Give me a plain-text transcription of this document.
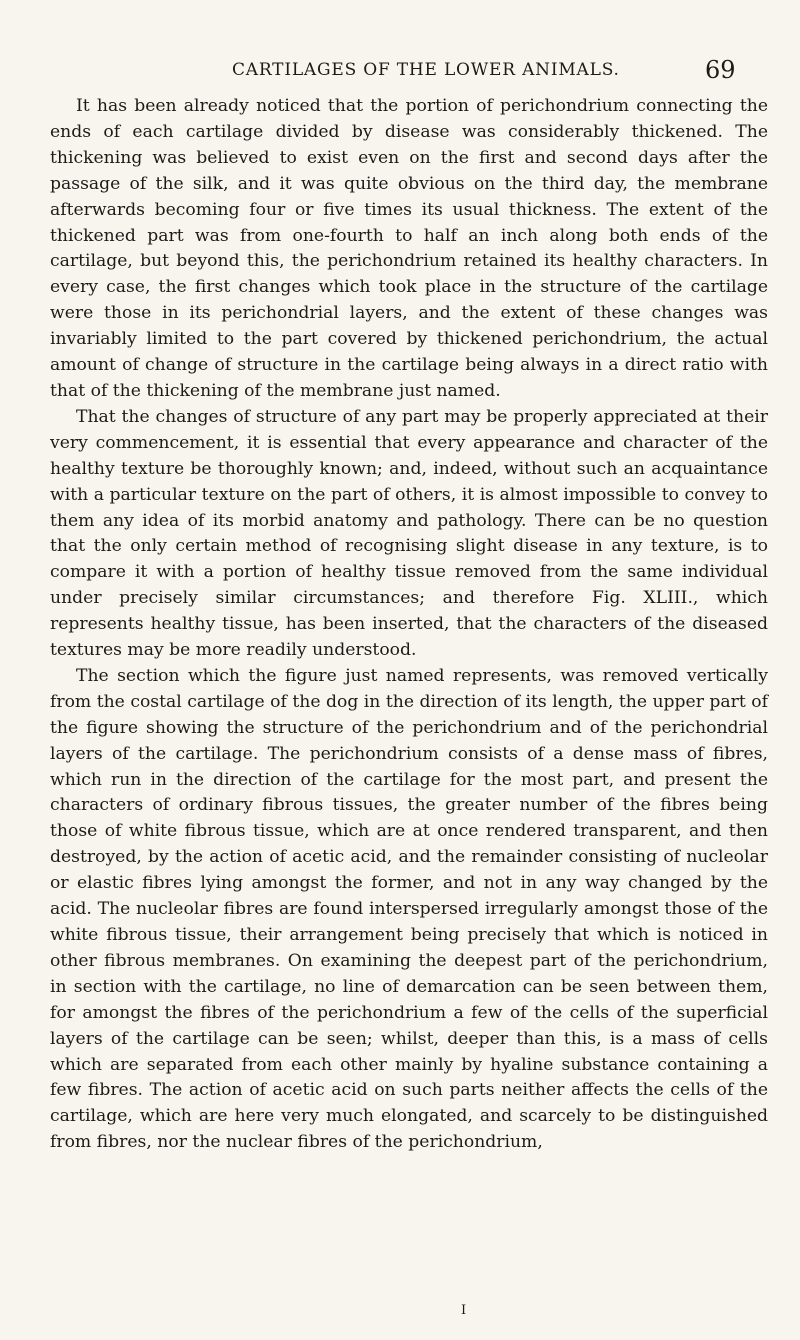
CARTILAGES OF THE LOWER ANIMALS.	69

It has been already noticed that the portion of perichondrium connecting the ends of each cartilage divided by disease was considerably thickened. The thickening was believed to exist even on the first and second days after the passage of the silk, and it was quite obvious on the third day, the membrane afterwards becoming four or five times its usual thickness. The extent of the thickened part was from one-fourth to half an inch along both ends of the cartilage, but beyond this, the perichondrium retained its healthy characters. In every case, the first changes which took place in the structure of the cartilage were those in its perichondrial layers, and the extent of these changes was invariably limited to the part covered by thickened perichondrium, the actual amount of change of structure in the cartilage being always in a direct ratio with that of the thickening of the membrane just named.

That the changes of structure of any part may be properly appreciated at their very commencement, it is essential that every appearance and character of the healthy texture be thoroughly known; and, indeed, without such an acquaintance with a particular texture on the part of others, it is almost impossible to convey to them any idea of its morbid anatomy and pathology. There can be no question that the only certain method of recognising slight disease in any texture, is to compare it with a portion of healthy tissue removed from the same individual under precisely similar circumstances; and therefore Fig. XLIII., which represents healthy tissue, has been inserted, that the characters of the diseased textures may be more readily understood.

The section which the figure just named represents, was removed vertically from the costal cartilage of the dog in the direction of its length, the upper part of the figure showing the structure of the perichondrium and of the perichondrial layers of the cartilage. The perichondrium consists of a dense mass of fibres, which run in the direction of the cartilage for the most part, and present the characters of ordinary fibrous tissues, the greater number of the fibres being those of white fibrous tissue, which are at once rendered transparent, and then destroyed, by the action of acetic acid, and the remainder consisting of nucleolar or elastic fibres lying amongst the former, and not in any way changed by the acid. The nucleolar fibres are found interspersed irregularly amongst those of the white fibrous tissue, their arrangement being precisely that which is noticed in other fibrous membranes. On examining the deepest part of the perichondrium, in section with the cartilage, no line of demarcation can be seen between them, for amongst the fibres of the perichondrium a few of the cells of the superficial layers of the cartilage can be seen; whilst, deeper than this, is a mass of cells which are separated from each other mainly by hyaline substance containing a few fibres. The action of acetic acid on such parts neither affects the cells of the cartilage, which are here very much elongated, and scarcely to be distinguished from fibres, nor the nuclear fibres of the perichondrium,

I
